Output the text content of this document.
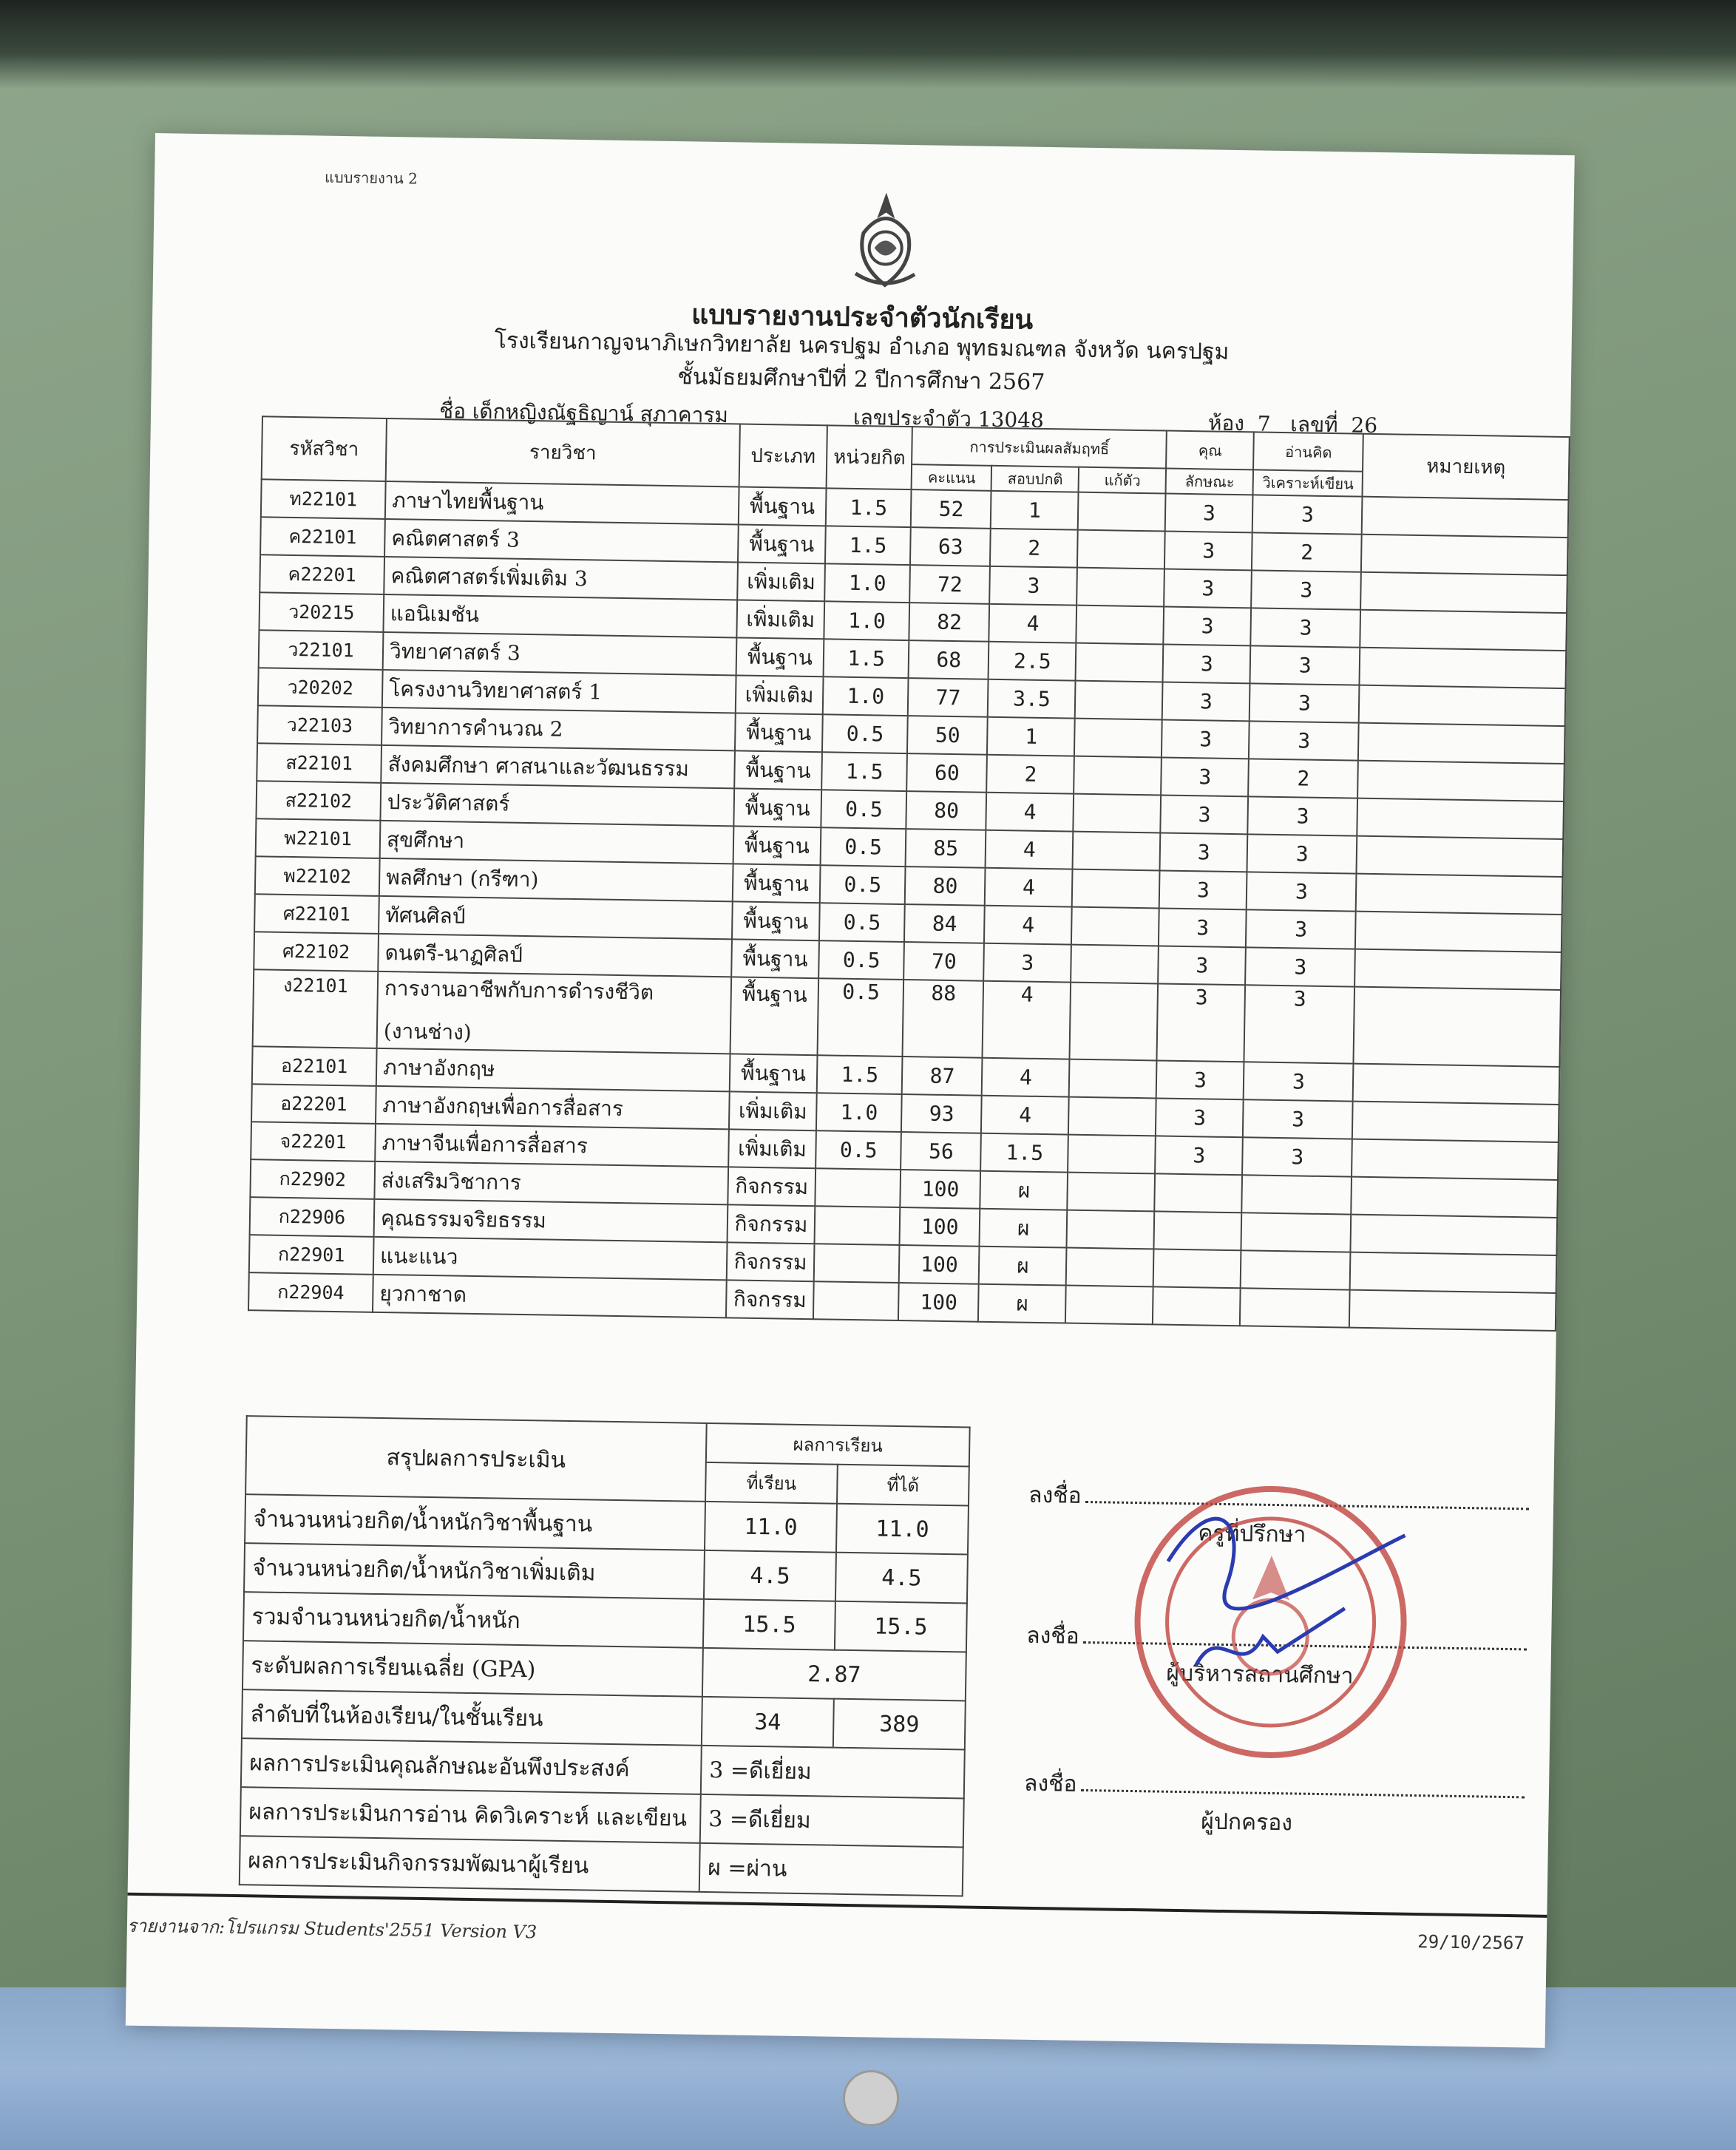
แบบรายงาน 2
แบบรายงานประจำตัวนักเรียน
โรงเรียนกาญจนาภิเษกวิทยาลัย นครปฐม อำเภอ พุทธมณฑล จังหวัด นครปฐม
ชั้นมัธยมศึกษาปีที่ 2 ปีการศึกษา 2567
ชื่อ เด็กหญิงณัฐธิญาน์ สุภาคารม	เลขประจำตัว 13048	ห้อง 7 เลขที่ 26
รหัสวิชา	รายวิชา	ประเภท	หน่วยกิต	การประเมินผลสัมฤทธิ์			คุณ	อ่านคิด	หมายเหตุ
				คะแนน	สอบปกติ	แก้ตัว	ลักษณะ	วิเคราะห์เขียน	
ท22101	ภาษาไทยพื้นฐาน	พื้นฐาน	1.5	52	1		3	3	
ค22101	คณิตศาสตร์ 3	พื้นฐาน	1.5	63	2		3	2	
ค22201	คณิตศาสตร์เพิ่มเติม 3	เพิ่มเติม	1.0	72	3		3	3	
ว20215	แอนิเมชัน	เพิ่มเติม	1.0	82	4		3	3	
ว22101	วิทยาศาสตร์ 3	พื้นฐาน	1.5	68	2.5		3	3	
ว20202	โครงงานวิทยาศาสตร์ 1	เพิ่มเติม	1.0	77	3.5		3	3	
ว22103	วิทยาการคำนวณ 2	พื้นฐาน	0.5	50	1		3	3	
ส22101	สังคมศึกษา ศาสนาและวัฒนธรรม	พื้นฐาน	1.5	60	2		3	2	
ส22102	ประวัติศาสตร์	พื้นฐาน	0.5	80	4		3	3	
พ22101	สุขศึกษา	พื้นฐาน	0.5	85	4		3	3	
พ22102	พลศึกษา (กรีฑา)	พื้นฐาน	0.5	80	4		3	3	
ศ22101	ทัศนศิลป์	พื้นฐาน	0.5	84	4		3	3	
ศ22102	ดนตรี-นาฏศิลป์	พื้นฐาน	0.5	70	3		3	3	
ง22101	การงานอาชีพกับการดำรงชีวิต
(งานช่าง)	พื้นฐาน	0.5	88	4		3	3	
อ22101	ภาษาอังกฤษ	พื้นฐาน	1.5	87	4		3	3	
อ22201	ภาษาอังกฤษเพื่อการสื่อสาร	เพิ่มเติม	1.0	93	4		3	3	
จ22201	ภาษาจีนเพื่อการสื่อสาร	เพิ่มเติม	0.5	56	1.5		3	3	
ก22902	ส่งเสริมวิชาการ	กิจกรรม		100	ผ				
ก22906	คุณธรรมจริยธรรม	กิจกรรม		100	ผ				
ก22901	แนะแนว	กิจกรรม		100	ผ				
ก22904	ยุวกาชาด	กิจกรรม		100	ผ				
สรุปผลการประเมิน	ผลการเรียน	
	ที่เรียน	ที่ได้
จำนวนหน่วยกิต/น้ำหนักวิชาพื้นฐาน	11.0	11.0
จำนวนหน่วยกิต/น้ำหนักวิชาเพิ่มเติม	4.5	4.5
รวมจำนวนหน่วยกิต/น้ำหนัก	15.5	15.5
ระดับผลการเรียนเฉลี่ย (GPA)	2.87	
ลำดับที่ในห้องเรียน/ในชั้นเรียน	34	389
ผลการประเมินคุณลักษณะอันพึงประสงค์	3 =ดีเยี่ยม	
ผลการประเมินการอ่าน คิดวิเคราะห์ และเขียน	3 =ดีเยี่ยม	
ผลการประเมินกิจกรรมพัฒนาผู้เรียน	ผ =ผ่าน	
ลงชื่อ
ครูที่ปรึกษา
ลงชื่อ
ผู้บริหารสถานศึกษา
ลงชื่อ
ผู้ปกครอง
รายงานจาก:โปรแกรม Students'2551 Version V3	29/10/2567
